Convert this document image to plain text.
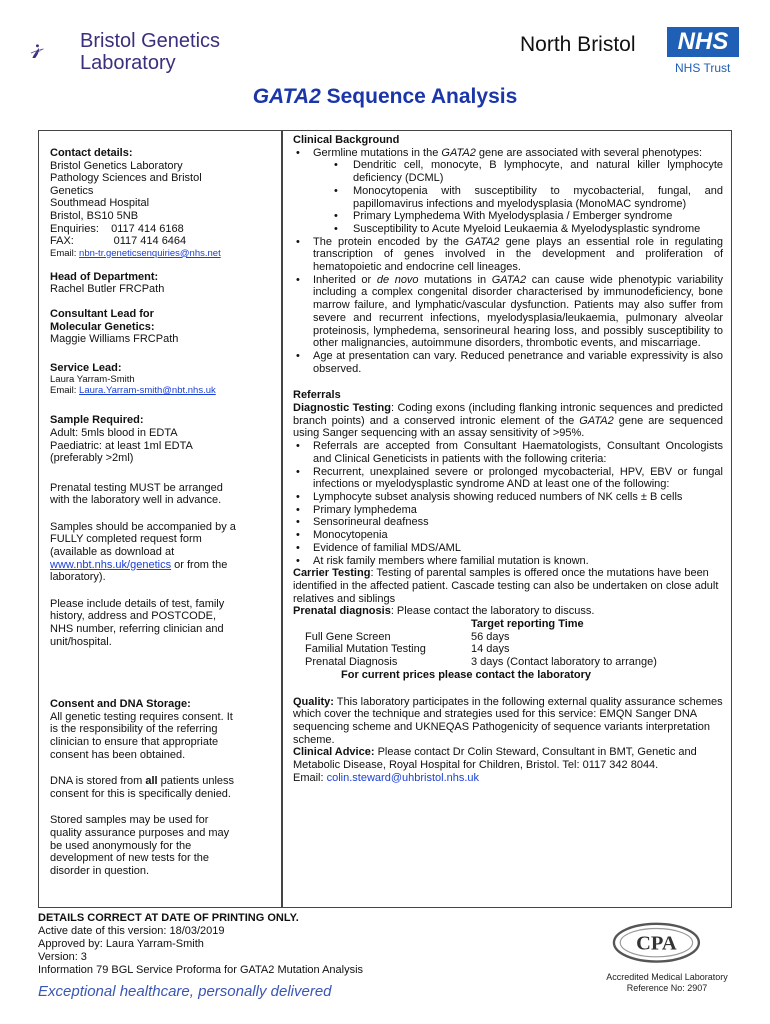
Bristol Genetics
Laboratory
North Bristol	NHS
NHS Trust
GATA2 Sequence Analysis

Contact details:

Bristol Genetics Laboratory

Pathology Sciences and Bristol

Genetics

Southmead Hospital

Bristol, BS10 5NB

Enquiries:    0117 414 6168

FAX:             0117 414 6464

Email: nbn-tr.geneticsenquiries@nhs.net

Head of Department:

Rachel Butler FRCPath

Consultant Lead for

Molecular Genetics:

Maggie Williams FRCPath

Service Lead:

Laura Yarram-Smith

Email: Laura.Yarram-smith@nbt.nhs.uk

Sample Required:

Adult: 5mls blood in EDTA

Paediatric: at least 1ml EDTA

(preferably >2ml)

Prenatal testing MUST be arranged

with the laboratory well in advance.

Samples should be accompanied by a

FULLY completed request form

(available as download at

www.nbt.nhs.uk/genetics or from the

laboratory).

Please include details of test, family

history, address and POSTCODE,

NHS number, referring clinician and

unit/hospital.

Consent and DNA Storage:

All genetic testing requires consent. It

is the responsibility of the referring

clinician to ensure that appropriate

consent has been obtained.

DNA is stored from all patients unless

consent for this is specifically denied.

Stored samples may be used for

quality assurance purposes and may

be used anonymously for the

development of new tests for the

disorder in question.

Clinical Background

• Germline mutations in the GATA2 gene are associated with several phenotypes:
• Dendritic cell, monocyte, B lymphocyte, and natural killer lymphocyte deficiency (DCML)
• Monocytopenia with susceptibility to mycobacterial, fungal, and papillomavirus infections and myelodysplasia (MonoMAC syndrome)
• Primary Lymphedema With Myelodysplasia / Emberger syndrome
• Susceptibility to Acute Myeloid Leukaemia & Myelodysplastic syndrome
• The protein encoded by the GATA2 gene plays an essential role in regulating transcription of genes involved in the development and proliferation of hematopoietic and endocrine cell lineages.
• Inherited or de novo mutations in GATA2 can cause wide phenotypic variability including a complex congenital disorder characterised by immunodeficiency, bone marrow failure, and lymphatic/vascular dysfunction. Patients may also suffer from severe and recurrent infections, myelodysplasia/leukaemia, pulmonary alveolar proteinosis, lymphedema, sensorineural hearing loss, and possibly susceptibility to other malignancies, autoimmune disorders, thrombotic events, and miscarriage.
• Age at presentation can vary. Reduced penetrance and variable expressivity is also observed.

Referrals

Diagnostic Testing: Coding exons (including flanking intronic sequences and predicted branch points) and a conserved intronic element of the GATA2 gene are sequenced using Sanger sequencing with an assay sensitivity of >95%.

• Referrals are accepted from Consultant Haematologists, Consultant Oncologists and Clinical Geneticists in patients with the following criteria:
• Recurrent, unexplained severe or prolonged mycobacterial, HPV, EBV or fungal infections or myelodysplastic syndrome AND at least one of the following:
• Lymphocyte subset analysis showing reduced numbers of NK cells ± B cells
• Primary lymphedema
• Sensorineural deafness
• Monocytopenia
• Evidence of familial MDS/AML
• At risk family members where familial mutation is known.

Carrier Testing: Testing of parental samples is offered once the mutations have been identified in the affected patient. Cascade testing can also be undertaken on close adult relatives and siblings

Prenatal diagnosis: Please contact the laboratory to discuss.

	Target reporting Time
Full Gene Screen	56 days
Familial Mutation Testing	14 days
Prenatal Diagnosis	3 days (Contact laboratory to arrange)

For current prices please contact the laboratory

Quality: This laboratory participates in the following external quality assurance schemes which cover the technique and strategies used for this service: EMQN Sanger DNA sequencing scheme and UKNEQAS Pathogenicity of sequence variants interpretation scheme.

Clinical Advice: Please contact Dr Colin Steward, Consultant in BMT, Genetic and Metabolic Disease, Royal Hospital for Children, Bristol. Tel: 0117 342 8044.

Email: colin.steward@uhbristol.nhs.uk

DETAILS CORRECT AT DATE OF PRINTING ONLY.

Active date of this version: 18/03/2019

Approved by: Laura Yarram-Smith

Version: 3

Information 79 BGL Service Proforma for GATA2 Mutation Analysis

Exceptional healthcare, personally delivered
CPA
Accredited Medical Laboratory
Reference No: 2907
